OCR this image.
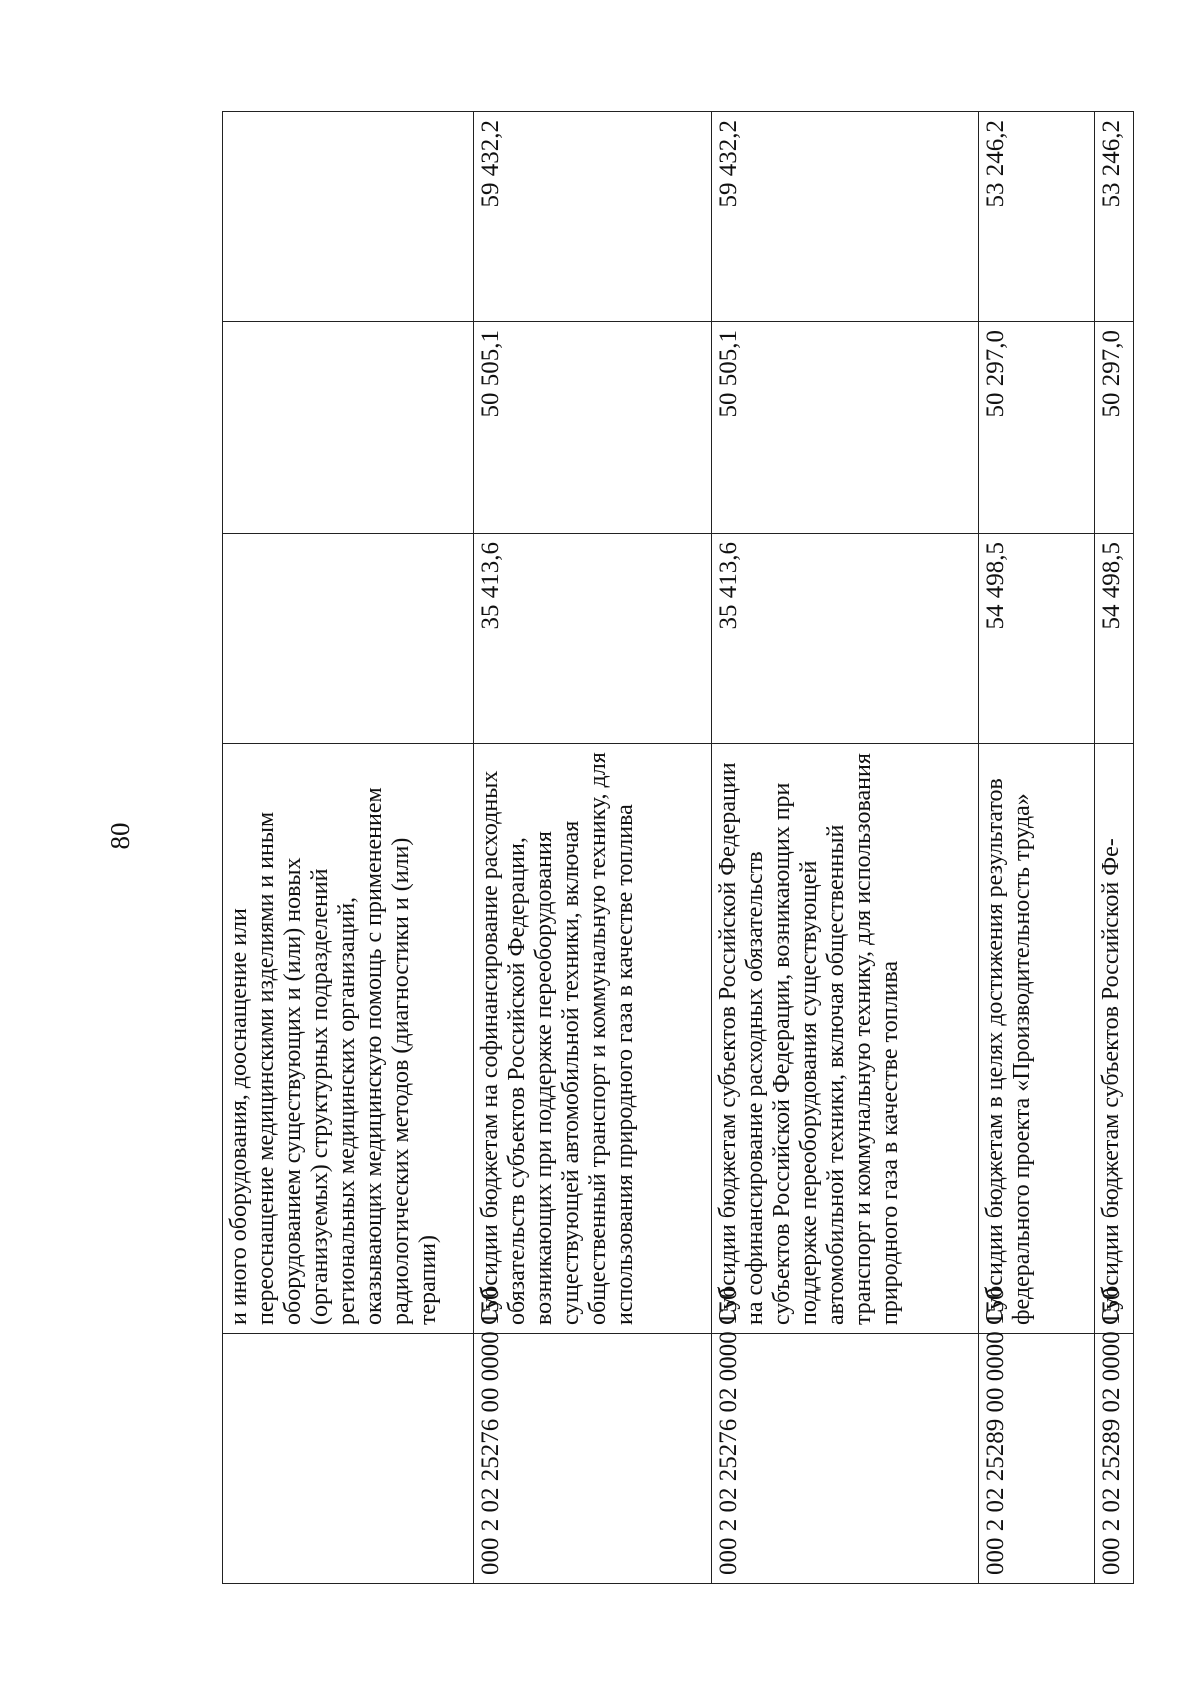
80
	и иного оборудования, дооснащение или переоснащение медицинскими изделиями и иным оборудованием существующих и (или) новых (организуемых) структурных подразделений региональных медицинских организаций, оказывающих медицинскую помощь с применением радиологических методов (диагностики и (или) терапии)			
000 2 02 25276 00 0000 150	Субсидии бюджетам на софинансирование расходных обязательств субъектов Российской Федерации, возникающих при поддержке переоборудования существующей автомобильной техники, включая общественный транспорт и коммунальную технику, для использования природного газа в качестве топлива	35 413,6	50 505,1	59 432,2
000 2 02 25276 02 0000 150	Субсидии бюджетам субъектов Российской Федерации на софинансирование расходных обязательств субъектов Российской Федерации, возникающих при поддержке переоборудования существующей автомобильной техники, включая общественный транспорт и коммунальную технику, для использования природного газа в качестве топлива	35 413,6	50 505,1	59 432,2
000 2 02 25289 00 0000 150	Субсидии бюджетам в целях достижения результатов федерального проекта «Производительность труда»	54 498,5	50 297,0	53 246,2
000 2 02 25289 02 0000 150	Субсидии бюджетам субъектов Российской Фе-	54 498,5	50 297,0	53 246,2
